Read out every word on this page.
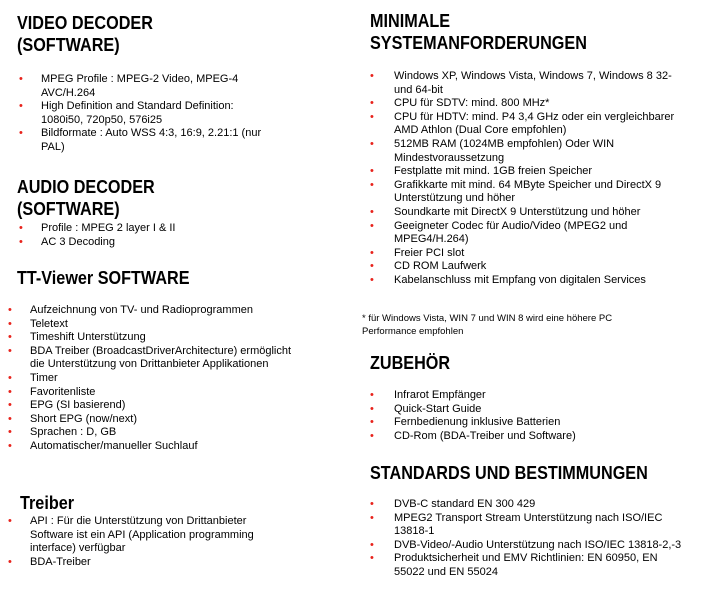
VIDEO DECODER
(SOFTWARE)
• MPEG Profile : MPEG-2 Video, MPEG-4 AVC/H.264
• High Definition and Standard Definition: 1080i50, 720p50, 576i25
• Bildformate : Auto WSS 4:3, 16:9, 2.21:1 (nur PAL)
AUDIO DECODER
(SOFTWARE)
• Profile : MPEG 2 layer I & II
• AC 3 Decoding
TT-Viewer SOFTWARE
• Aufzeichnung von TV- und Radioprogrammen
• Teletext
• Timeshift Unterstützung
• BDA Treiber (BroadcastDriverArchitecture) ermöglicht die Unterstützung von Drittanbieter Applikationen
• Timer
• Favoritenliste
• EPG (SI basierend)
• Short EPG (now/next)
• Sprachen : D, GB
• Automatischer/manueller Suchlauf
Treiber
• API : Für die Unterstützung von Drittanbieter Software ist ein API (Application programming interface) verfügbar
• BDA-Treiber
MINIMALE
SYSTEMANFORDERUNGEN
• Windows XP, Windows Vista, Windows 7, Windows 8 32- und 64-bit
• CPU für SDTV: mind. 800 MHz*
• CPU für HDTV: mind. P4 3,4 GHz oder ein vergleichbarer AMD Athlon (Dual Core empfohlen)
• 512MB RAM (1024MB empfohlen) Oder WIN Mindestvoraussetzung
• Festplatte mit mind. 1GB freien Speicher
• Grafikkarte mit mind. 64 MByte Speicher und DirectX 9 Unterstützung und höher
• Soundkarte mit DirectX 9 Unterstützung und höher
• Geeigneter Codec für Audio/Video (MPEG2 und MPEG4/H.264)
• Freier PCI slot
• CD ROM Laufwerk
• Kabelanschluss mit Empfang von digitalen Services
* für Windows Vista, WIN 7 und WIN 8 wird eine höhere PC Performance empfohlen
ZUBEHÖR
• Infrarot Empfänger
• Quick-Start Guide
• Fernbedienung inklusive Batterien
• CD-Rom (BDA-Treiber und Software)
STANDARDS UND BESTIMMUNGEN
• DVB-C standard EN 300 429
• MPEG2 Transport Stream Unterstützung nach ISO/IEC 13818-1
• DVB-Video/-Audio Unterstützung nach ISO/IEC 13818-2,-3
• Produktsicherheit und EMV Richtlinien: EN 60950, EN 55022 und EN 55024
